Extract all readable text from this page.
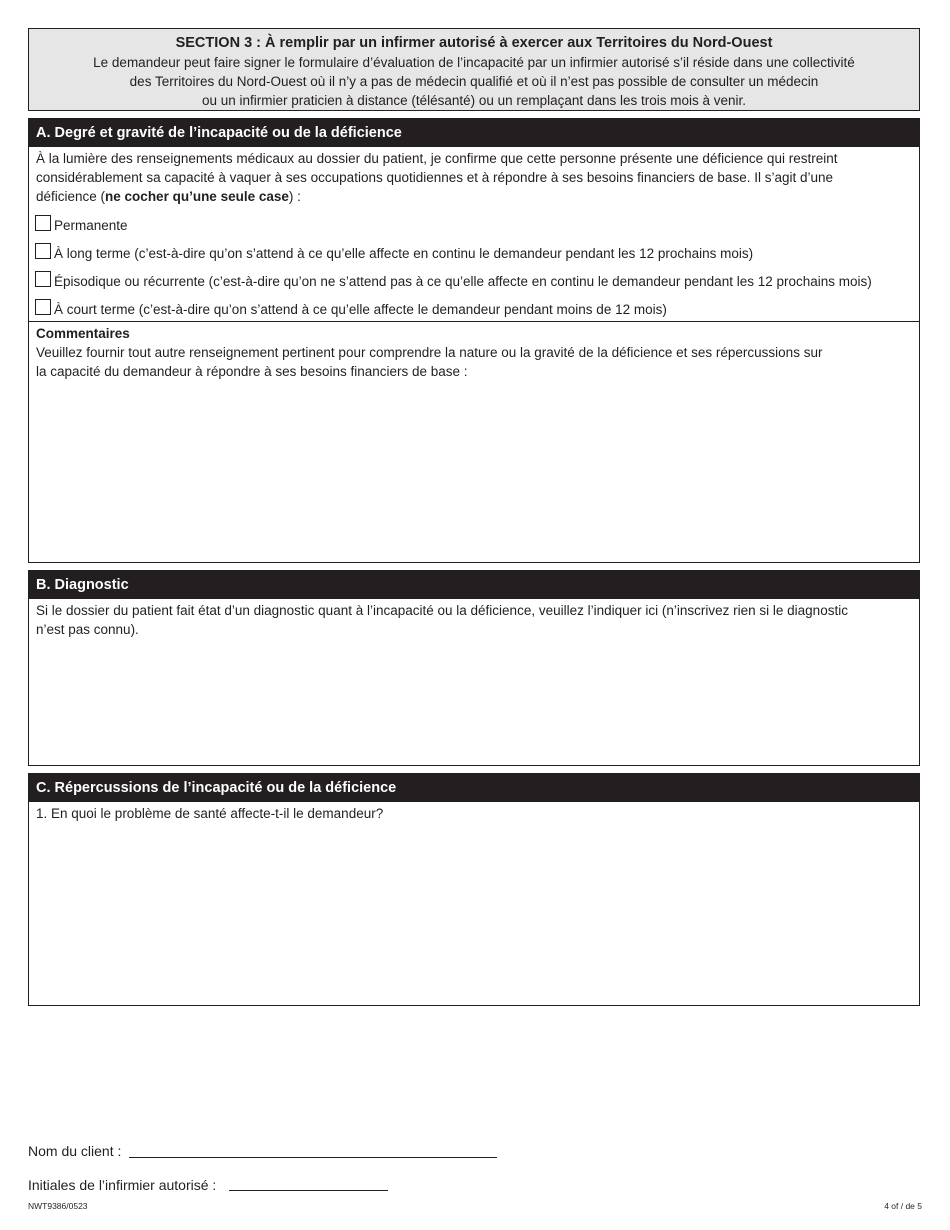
SECTION 3 : À remplir par un infirmer autorisé à exercer aux Territoires du Nord-Ouest
Le demandeur peut faire signer le formulaire d’évaluation de l’incapacité par un infirmier autorisé s’il réside dans une collectivité
des Territoires du Nord-Ouest où il n’y a pas de médecin qualifié et où il n’est pas possible de consulter un médecin
ou un infirmier praticien à distance (télésanté) ou un remplaçant dans les trois mois à venir.
A. Degré et gravité de l’incapacité ou de la déficience
À la lumière des renseignements médicaux au dossier du patient, je confirme que cette personne présente une déficience qui restreint
considérablement sa capacité à vaquer à ses occupations quotidiennes et à répondre à ses besoins financiers de base. Il s’agit d’une
déficience (ne cocher qu’une seule case) :
Permanente
À long terme (c’est-à-dire qu’on s’attend à ce qu’elle affecte en continu le demandeur pendant les 12 prochains mois)
Épisodique ou récurrente (c’est-à-dire qu’on ne s’attend pas à ce qu’elle affecte en continu le demandeur pendant les 12 prochains mois)
À court terme (c’est-à-dire qu’on s’attend à ce qu’elle affecte le demandeur pendant moins de 12 mois)
Commentaires
Veuillez fournir tout autre renseignement pertinent pour comprendre la nature ou la gravité de la déficience et ses répercussions sur
la capacité du demandeur à répondre à ses besoins financiers de base :
B. Diagnostic
Si le dossier du patient fait état d’un diagnostic quant à l’incapacité ou la déficience, veuillez l’indiquer ici (n’inscrivez rien si le diagnostic
n’est pas connu).
C. Répercussions de l’incapacité ou de la déficience
1. En quoi le problème de santé affecte-t-il le demandeur?
Nom du client :
Initiales de l’infirmier autorisé :
NWT9386/0523	4 of / de 5
